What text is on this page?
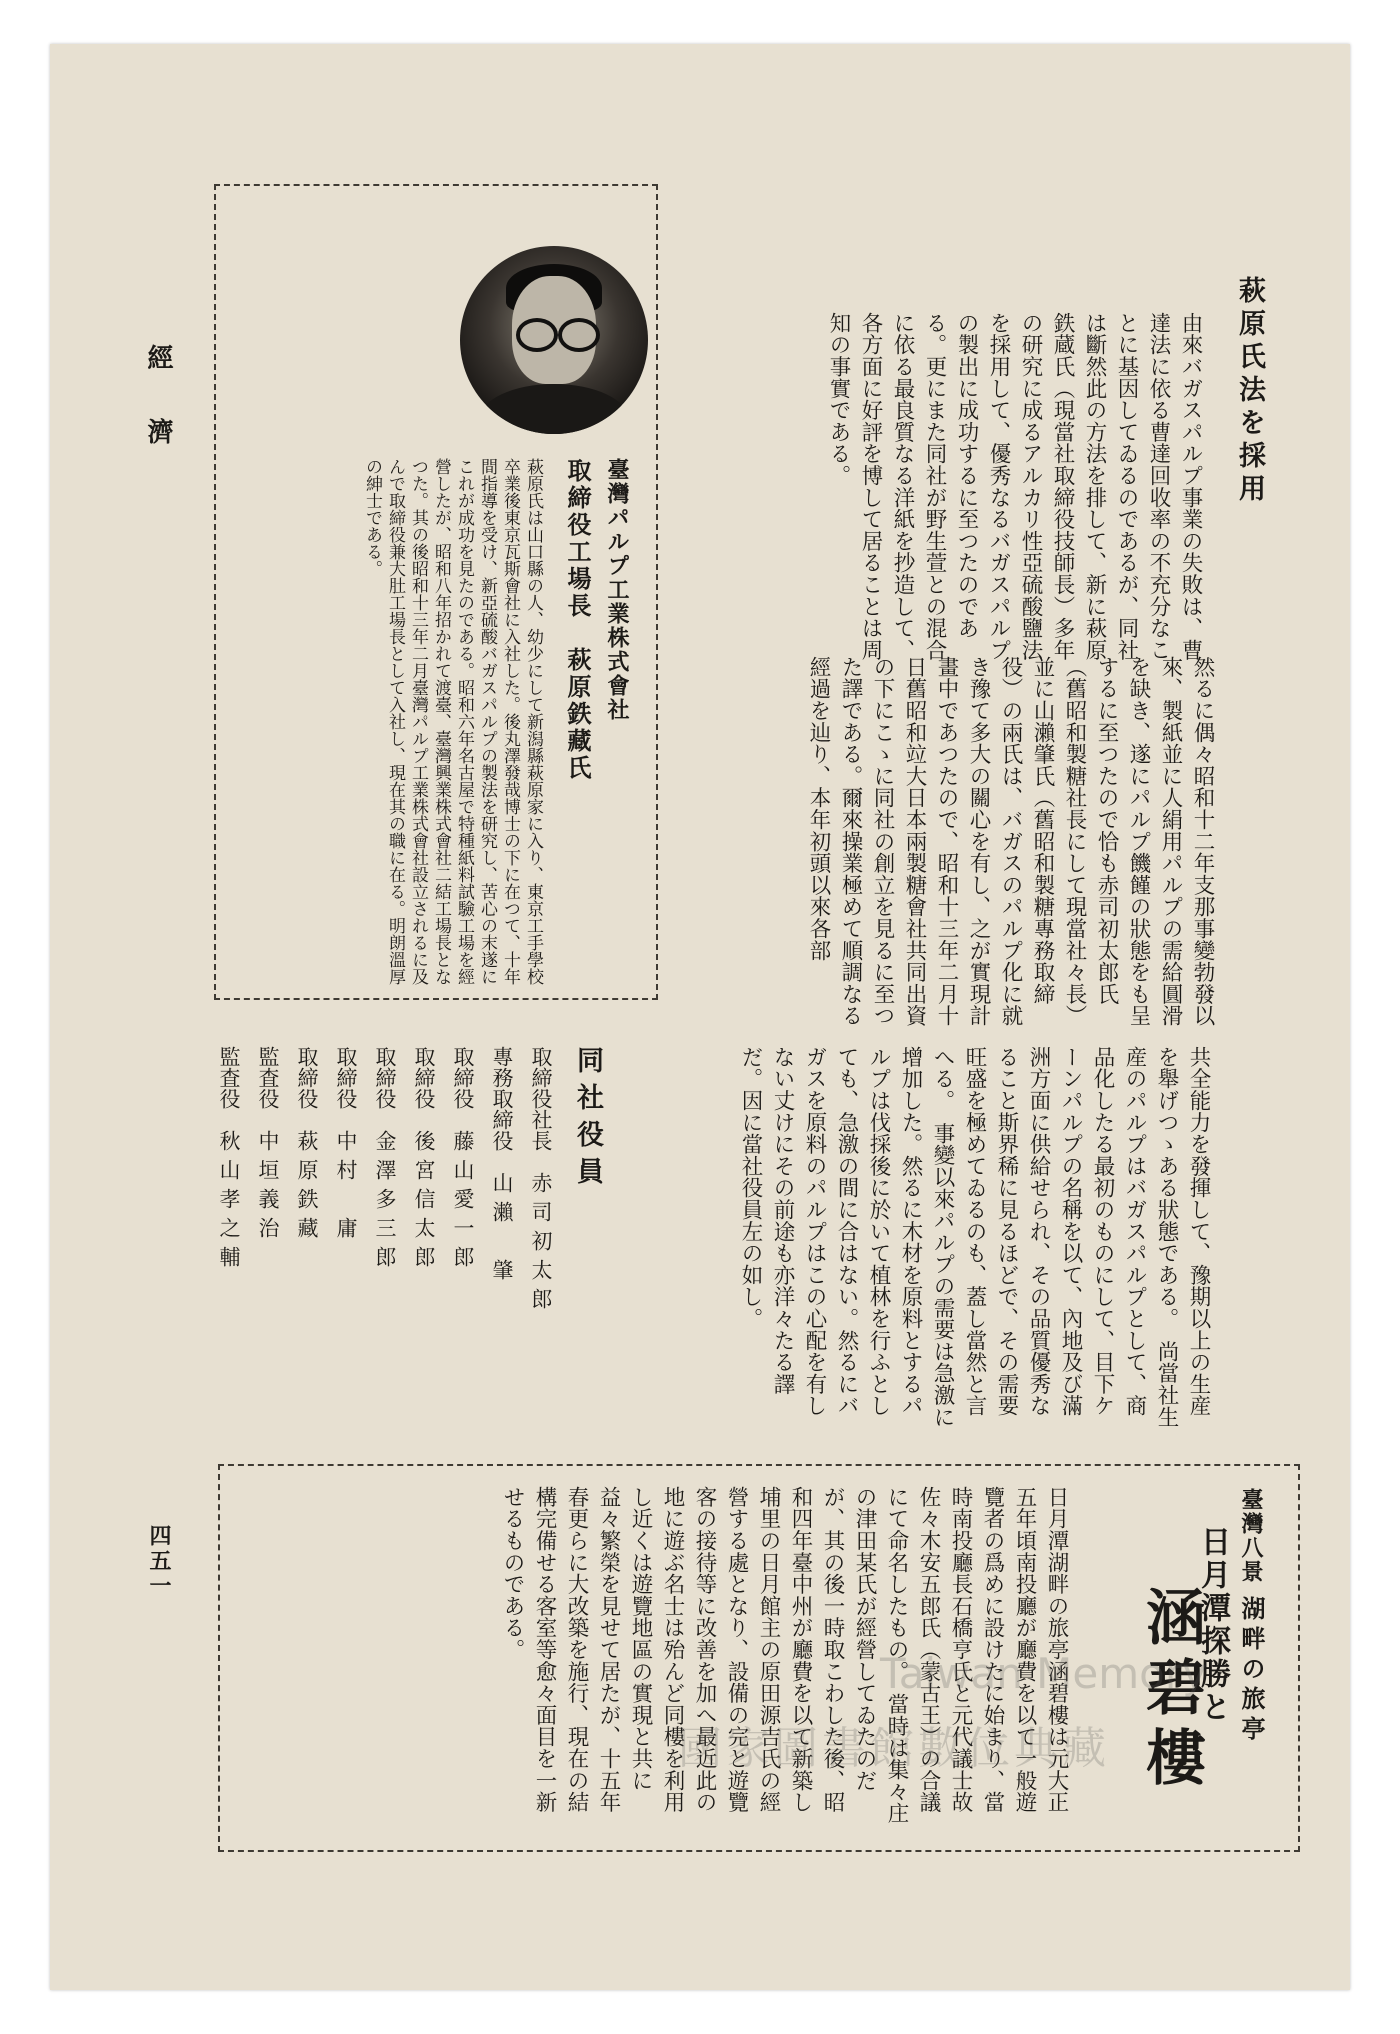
經濟
四五一
萩原氏法を採用
由來バガスパルプ事業の失敗は、曹達法に依る曹達回收率の不充分なことに基因してゐるのであるが、同社は斷然此の方法を排して、新に萩原鉄蔵氏（現當社取締役技師長）多年の研究に成るアルカリ性亞硫酸鹽法を採用して、優秀なるバガスパルプの製出に成功するに至つたのである。更にまた同社が野生萱との混合に依る最良質なる洋紙を抄造して、各方面に好評を博して居ることは周知の事實である。
然るに偶々昭和十二年支那事變勃發以來、製紙並に人絹用パルプの需給圓滑を缺き、遂にパルプ饑饉の狀態をも呈するに至つたので恰も赤司初太郎氏（舊昭和製糖社長にして現當社々長）並に山瀨肇氏（舊昭和製糖專務取締役）の兩氏は、バガスのパルプ化に就き豫て多大の關心を有し、之が實現計畫中であつたので、昭和十三年二月十日舊昭和竝大日本兩製糖會社共同出資の下にこゝに同社の創立を見るに至つた譯である。爾來操業極めて順調なる經過を辿り、本年初頭以來各部
共全能力を發揮して、豫期以上の生産を舉げつゝある狀態である。　尚當社生産のパルプはバガスパルプとして、商品化したる最初のものにして、目下ケーンパルプの名稱を以て、內地及び滿洲方面に供給せられ、その品質優秀なること斯界稀に見るほどで、その需要旺盛を極めてゐるのも、蓋し當然と言へる。　事變以來パルプの需要は急激に增加した。然るに木材を原料とするパルプは伐採後に於いて植林を行ふとしても、急激の間に合はない。然るにバガスを原料のパルプはこの心配を有しない丈けにその前途も亦洋々たる譯だ。因に當社役員左の如し。
臺灣パルプ工業株式會社
取締役工場長　萩原鉄藏氏
萩原氏は山口縣の人、幼少にして新潟縣萩原家に入り、東京工手學校卒業後東京瓦斯會社に入社した。後丸澤發哉博士の下に在つて、十年間指導を受け、新亞硫酸バガスパルプの製法を研究し、苦心の末遂にこれが成功を見たのである。昭和六年名古屋で特種紙料試驗工場を經營したが、昭和八年招かれて渡臺、臺灣興業株式會社二結工場長となつた。其の後昭和十三年二月臺灣パルプ工業株式會社設立されるに及んで取締役兼大肚工場長として入社し、現在其の職に在る。明朗溫厚の紳士である。
同社役員
取締役社長　赤司初太郎
專務取締役　山瀨　肇
取締役　藤山愛一郎
取締役　後宮信太郎
取締役　金澤多三郎
取締役　中村　庸
取締役　萩原鉄藏
監査役　中垣義治
監査役　秋山孝之輔
臺灣八景
日月潭探勝と 湖畔の旅亭
涵碧樓
日月潭湖畔の旅亭涵碧樓は元大正五年頃南投廳が廳費を以て一般遊覽者の爲めに設けたに始まり、當時南投廳長石橋亨氏と元代議士故佐々木安五郎氏（蒙古王）の合議にて命名したもの。　當時は集々庄の津田某氏が經營してゐたのだが、其の後一時取こわした後、昭和四年臺中州が廳費を以て新築し埔里の日月館主の原田源吉氏の經營する處となり、設備の完と遊覽客の接待等に改善を加へ最近此の地に遊ぶ名士は殆んど同樓を利用し近くは遊覽地區の實現と共に益々繁榮を見せて居たが、十五年春更らに大改築を施行、現在の結構完備せる客室等愈々面目を一新せるものである。
Taiwan Memory
國家圖書館數位典藏
